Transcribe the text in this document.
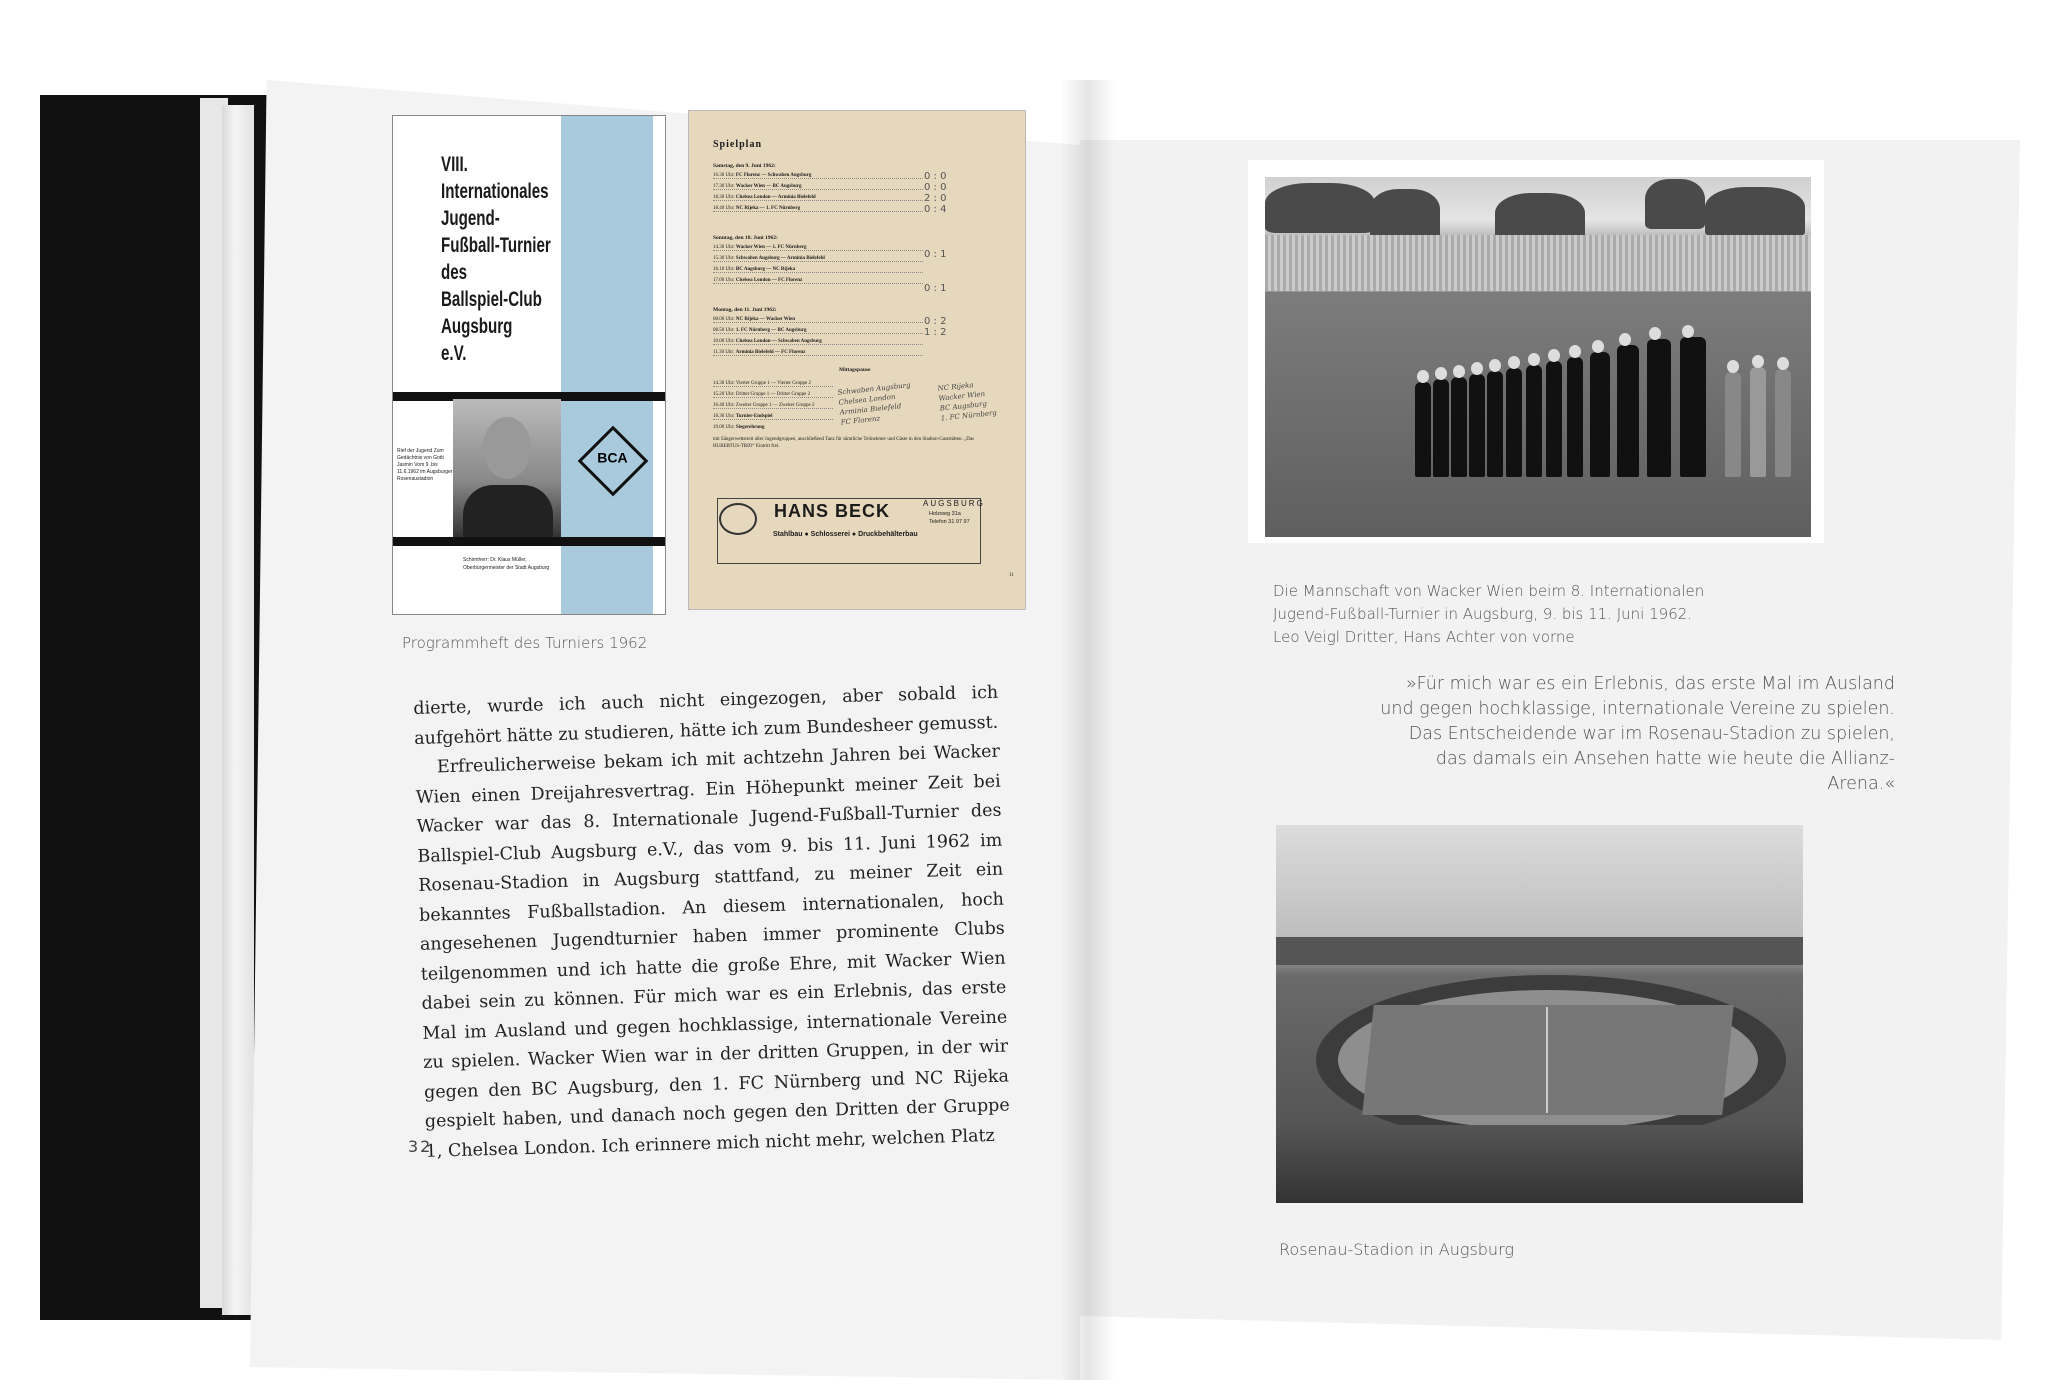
VIII.
Internationales
Jugend-
Fußball-Turnier
des
Ballspiel-Club
Augsburg
e.V.
BCA
Rief der Jugend Zum Gedächtnis von Gotti Jasmin Vom 9. bis 11.6.1962 im Augsburger Rosenaustadion
Schirmherr: Dr. Klaus Müller, Oberbürgermeister der Stadt Augsburg
Spielplan
Samstag, den 9. Juni 1962:
16.30 Uhr: FC Florenz — Schwaben Augsburg
17.30 Uhr: Wacker Wien — BC Augsburg
18.30 Uhr: Chelsea London — Arminia Bielefeld
18.40 Uhr: NC Rijeka — 1. FC Nürnberg
0 : 0
0 : 0
2 : 0
0 : 4
Sonntag, den 10. Juni 1962:
14.30 Uhr: Wacker Wien — 1. FC Nürnberg
15.30 Uhr: Schwaben Augsburg — Arminia Bielefeld
16.10 Uhr: BC Augsburg — NC Rijeka
17.00 Uhr: Chelsea London — FC Florenz
0 : 1
0 : 1
Montag, den 11. Juni 1962:
08.00 Uhr: NC Rijeka — Wacker Wien
08.50 Uhr: 1. FC Nürnberg — BC Augsburg
10.00 Uhr: Chelsea London — Schwaben Augsburg
11.30 Uhr: Arminia Bielefeld — FC Florenz
0 : 2
1 : 2
Mittagspause
14.30 Uhr: Vierter Gruppe 1 — Vierter Gruppe 2
15.20 Uhr: Dritter Gruppe 1 — Dritter Gruppe 2
16.40 Uhr: Zweiter Gruppe 1 — Zweiter Gruppe 2
18.30 Uhr: Turnier-Endspiel
19.00 Uhr: Siegerehrung
Schwaben Augsburg
Chelsea London
Arminia Bielefeld
FC Florenz
NC Rijeka
Wacker Wien
BC Augsburg
1. FC Nürnberg
mit Sängerwettstreit aller Jugendgruppen, anschließend Tanz für sämtliche Teilnehmer und Gäste in den Stadion-Gaststätten. „Das HUBERTUS-TRIO“ Eintritt frei.
HANS BECK
Stahlbau ● Schlosserei ● Druckbehälterbau
AUGSBURG
Holzweg 31a
Telefon 31 97 97
11
Programmheft des Turniers 1962

dierte, wurde ich auch nicht eingezogen, aber sobald ich aufgehört hätte zu studieren, hätte ich zum Bundesheer gemusst.

Erfreulicherweise bekam ich mit achtzehn Jahren bei Wacker Wien einen Dreijahresvertrag. Ein Höhepunkt meiner Zeit bei Wacker war das 8. Internationale Jugend-Fußball-Turnier des Ballspiel-Club Augsburg e.V., das vom 9. bis 11. Juni 1962 im Rosenau-Stadion in Augsburg stattfand, zu meiner Zeit ein bekanntes Fußballstadion. An diesem internationalen, hoch angesehenen Jugendturnier haben immer prominente Clubs teilgenommen und ich hatte die große Ehre, mit Wacker Wien dabei sein zu können. Für mich war es ein Erlebnis, das erste Mal im Ausland und gegen hochklassige, internationale Vereine zu spielen. Wacker Wien war in der dritten Gruppen, in der wir gegen den BC Augsburg, den 1. FC Nürnberg und NC Rijeka gespielt haben, und danach noch gegen den Dritten der Gruppe 1, Chelsea London. Ich erinnere mich nicht mehr, welchen Platz

32
Die Mannschaft von Wacker Wien beim 8. Internationalen
Jugend-Fußball-Turnier in Augsburg, 9. bis 11. Juni 1962.
Leo Veigl Dritter, Hans Achter von vorne
»Für mich war es ein Erlebnis, das erste Mal im Ausland und gegen hochklassige, internationale Vereine zu spielen. Das Entscheidende war im Rosenau-Stadion zu spielen, das damals ein Ansehen hatte wie heute die Allianz-Arena.«
Rosenau-Stadion in Augsburg
